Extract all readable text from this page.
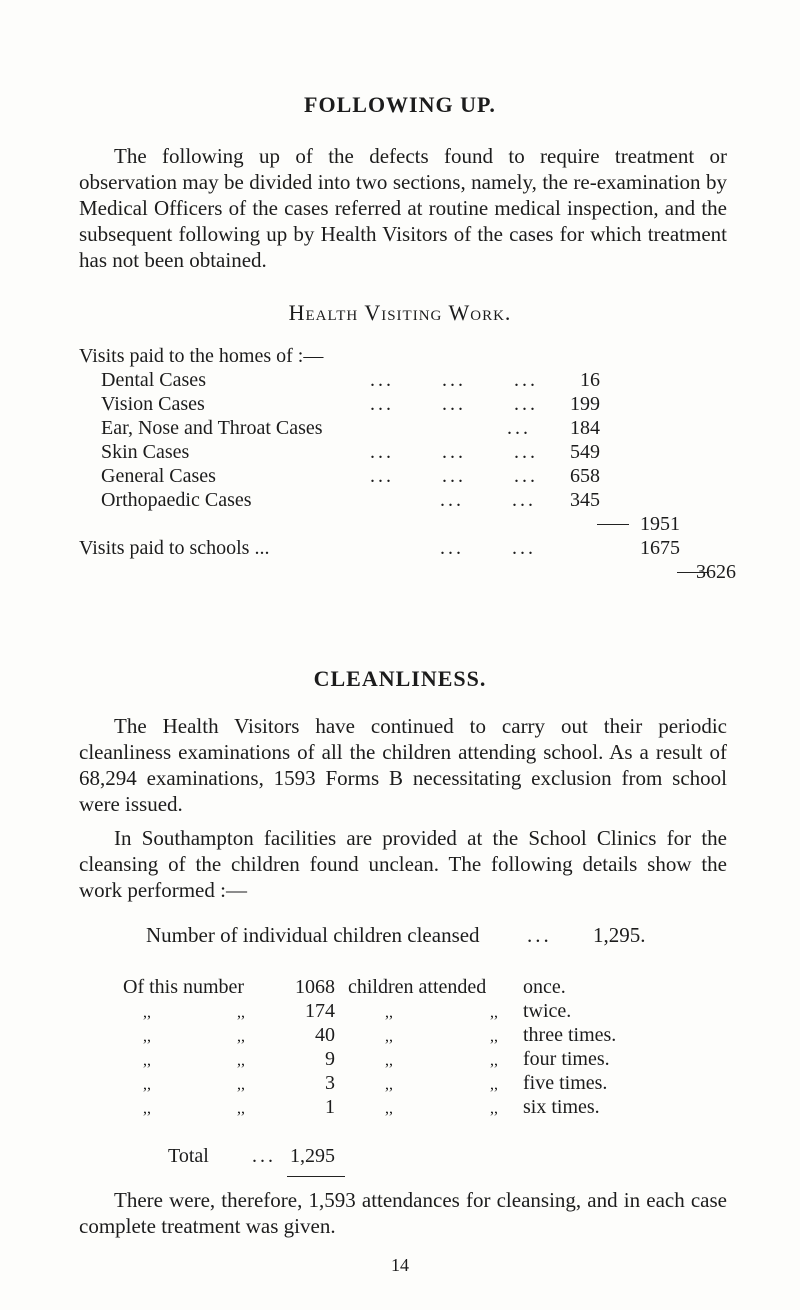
FOLLOWING UP.
The following up of the defects found to require treatment or observation may be divided into two sections, namely, the re-examination by Medical Officers of the cases referred at routine medical inspection, and the subsequent following up by Health Visitors of the cases for which treatment has not been obtained.
Health Visiting Work.
Visits paid to the homes of :—
Dental Cases	...      ...      ...	16
Vision Cases	...      ...      ...	199
Ear, Nose and Throat Cases	...	184
Skin Cases	...      ...      ...	549
General Cases	...      ...      ...	658
Orthopaedic Cases	...      ...	345
1951
Visits paid to schools ...	...      ...	1675
3626
CLEANLINESS.
The Health Visitors have continued to carry out their periodic cleanliness examinations of all the children attending school. As a result of 68,294 examinations, 1593 Forms B necessitating exclusion from school were issued.
In Southampton facilities are provided at the School Clinics for the cleansing of the children found unclean. The following details show the work performed :—
Number of individual children cleansed ... 1,295.
Of this number	1068 children attended once.
,,	,,	174	,,	,, twice.
,,	,,	40	,,	,, three times.
,,	,,	9	,,	,, four times.
,,	,,	3	,,	,, five times.
,,	,,	1	,,	,, six times.
Total ... 1,295
There were, therefore, 1,593 attendances for cleansing, and in each case complete treatment was given.
14
